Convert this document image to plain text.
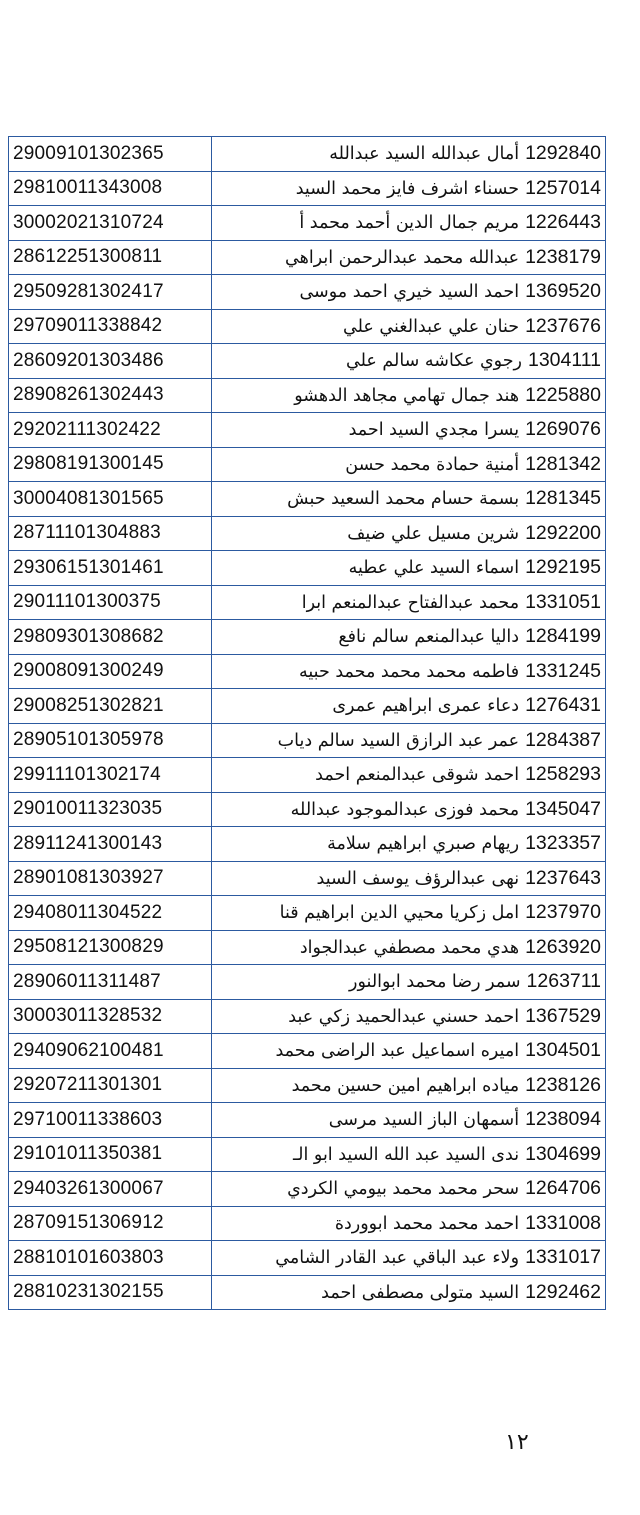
29009101302365	1292840أمال عبدالله السيد عبدالله
29810011343008	1257014حسناء اشرف فايز محمد السيد
30002021310724	1226443مريم جمال الدين أحمد محمد أ
28612251300811	1238179عبدالله محمد عبدالرحمن ابراهي
29509281302417	1369520احمد السيد خيري احمد موسى
29709011338842	1237676حنان علي عبدالغني علي
28609201303486	1304111رجوي عكاشه سالم علي
28908261302443	1225880هند جمال تهامي مجاهد الدهشو
29202111302422	1269076يسرا مجدي السيد احمد
29808191300145	1281342أمنية حمادة محمد حسن
30004081301565	1281345بسمة حسام محمد السعيد حبش
28711101304883	1292200شرين مسيل علي ضيف
29306151301461	1292195اسماء السيد علي عطيه
29011101300375	1331051محمد عبدالفتاح عبدالمنعم ابرا
29809301308682	1284199داليا عبدالمنعم سالم نافع
29008091300249	1331245فاطمه محمد محمد محمد حبيه
29008251302821	1276431دعاء عمرى ابراهيم عمرى
28905101305978	1284387عمر عبد الرازق السيد سالم دياب
29911101302174	1258293احمد شوقى عبدالمنعم احمد
29010011323035	1345047محمد فوزى عبدالموجود عبدالله
28911241300143	1323357ريهام صبري ابراهيم سلامة
28901081303927	1237643نهى عبدالرؤف يوسف السيد
29408011304522	1237970امل زكريا محيي الدين ابراهيم قنا
29508121300829	1263920هدي محمد مصطفي عبدالجواد
28906011311487	1263711سمر رضا محمد ابوالنور
30003011328532	1367529احمد حسني عبدالحميد زكي عبد
29409062100481	1304501اميره اسماعيل عبد الراضى محمد
29207211301301	1238126مياده ابراهيم امين حسين محمد
29710011338603	1238094أسمهان الباز السيد مرسى
29101011350381	1304699ندى السيد عبد الله السيد ابو الـ
29403261300067	1264706سحر محمد محمد بيومي الكردي
28709151306912	1331008احمد محمد محمد ابووردة
28810101603803	1331017ولاء عبد الباقي عبد القادر الشامي
28810231302155	1292462السيد متولى مصطفى احمد
١٢
